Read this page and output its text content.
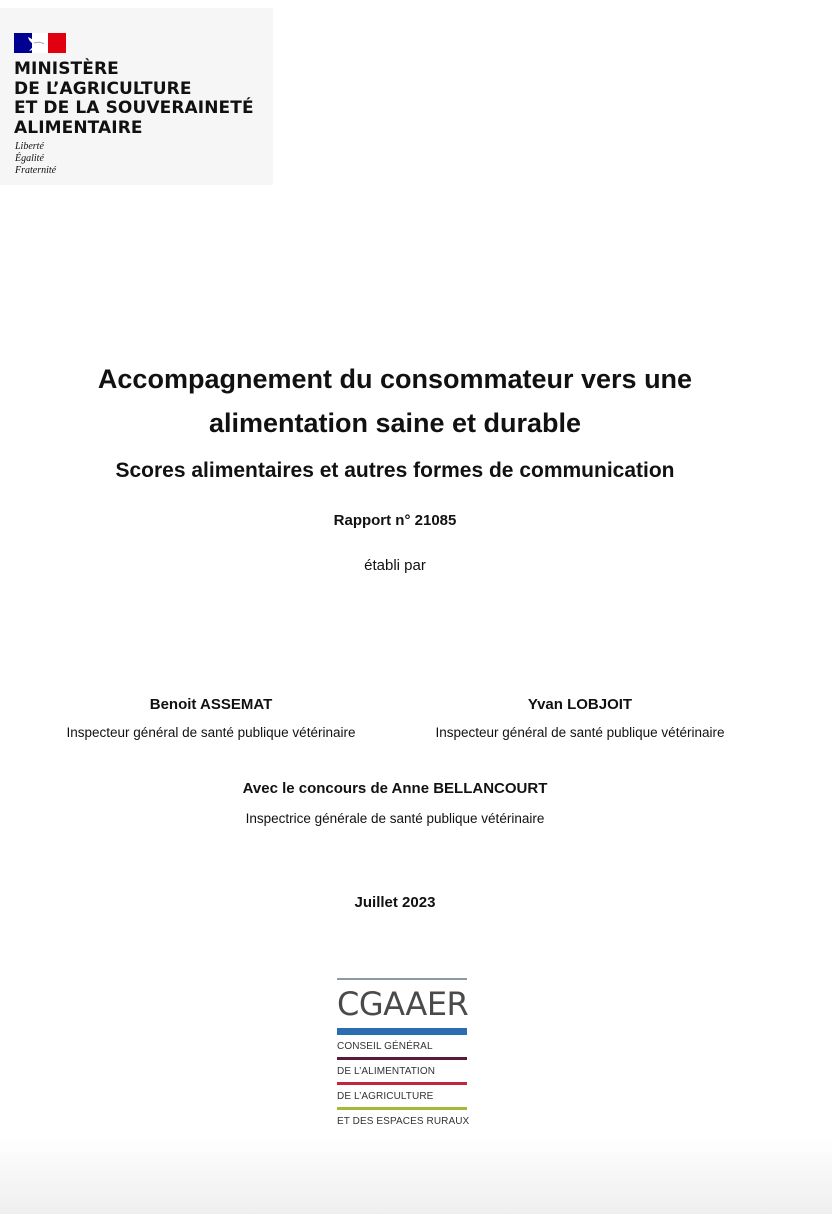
MINISTÈRE
DE L’AGRICULTURE
ET DE LA SOUVERAINETÉ
ALIMENTAIRE
Liberté
Égalité
Fraternité
Accompagnement du consommateur vers une
alimentation saine et durable
Scores alimentaires et autres formes de communication
Rapport n° 21085
établi par
Benoit ASSEMAT
Inspecteur général de santé publique vétérinaire
Yvan LOBJOIT
Inspecteur général de santé publique vétérinaire
Avec le concours de Anne BELLANCOURT
Inspectrice générale de santé publique vétérinaire
Juillet 2023
CGAAER
CONSEIL GÉNÉRAL
DE L’ALIMENTATION
DE L’AGRICULTURE
ET DES ESPACES RURAUX
